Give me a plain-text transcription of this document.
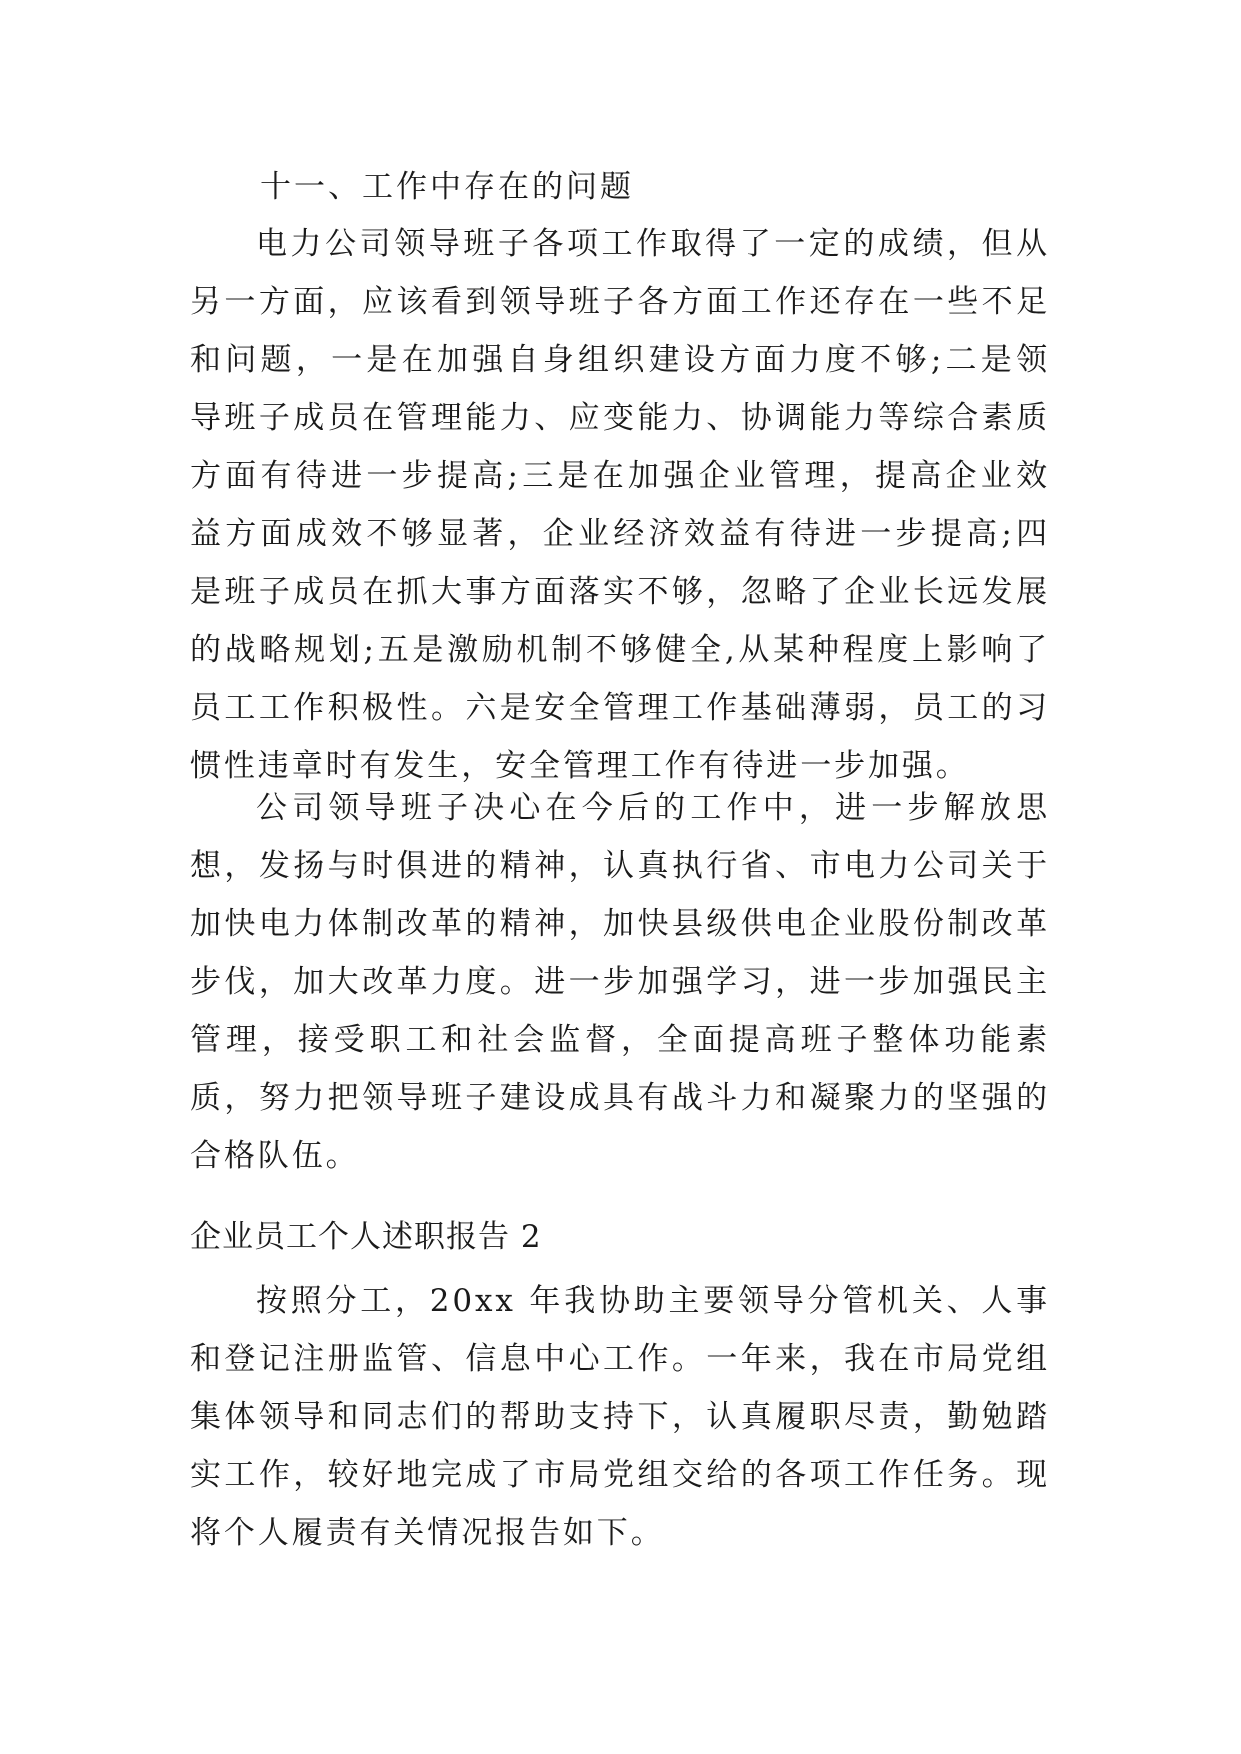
十一、工作中存在的问题

电力公司领导班子各项工作取得了一定的成绩，但从另一方面，应该看到领导班子各方面工作还存在一些不足和问题，一是在加强自身组织建设方面力度不够;二是领导班子成员在管理能力、应变能力、协调能力等综合素质方面有待进一步提高;三是在加强企业管理，提高企业效益方面成效不够显著，企业经济效益有待进一步提高;四是班子成员在抓大事方面落实不够，忽略了企业长远发展的战略规划;五是激励机制不够健全,从某种程度上影响了员工工作积极性。六是安全管理工作基础薄弱，员工的习惯性违章时有发生，安全管理工作有待进一步加强。

公司领导班子决心在今后的工作中，进一步解放思想，发扬与时俱进的精神，认真执行省、市电力公司关于加快电力体制改革的精神，加快县级供电企业股份制改革步伐，加大改革力度。进一步加强学习，进一步加强民主管理，接受职工和社会监督，全面提高班子整体功能素质，努力把领导班子建设成具有战斗力和凝聚力的坚强的合格队伍。

企业员工个人述职报告 2

按照分工，20xx 年我协助主要领导分管机关、人事和登记注册监管、信息中心工作。一年来，我在市局党组集体领导和同志们的帮助支持下，认真履职尽责，勤勉踏实工作，较好地完成了市局党组交给的各项工作任务。现将个人履责有关情况报告如下。
